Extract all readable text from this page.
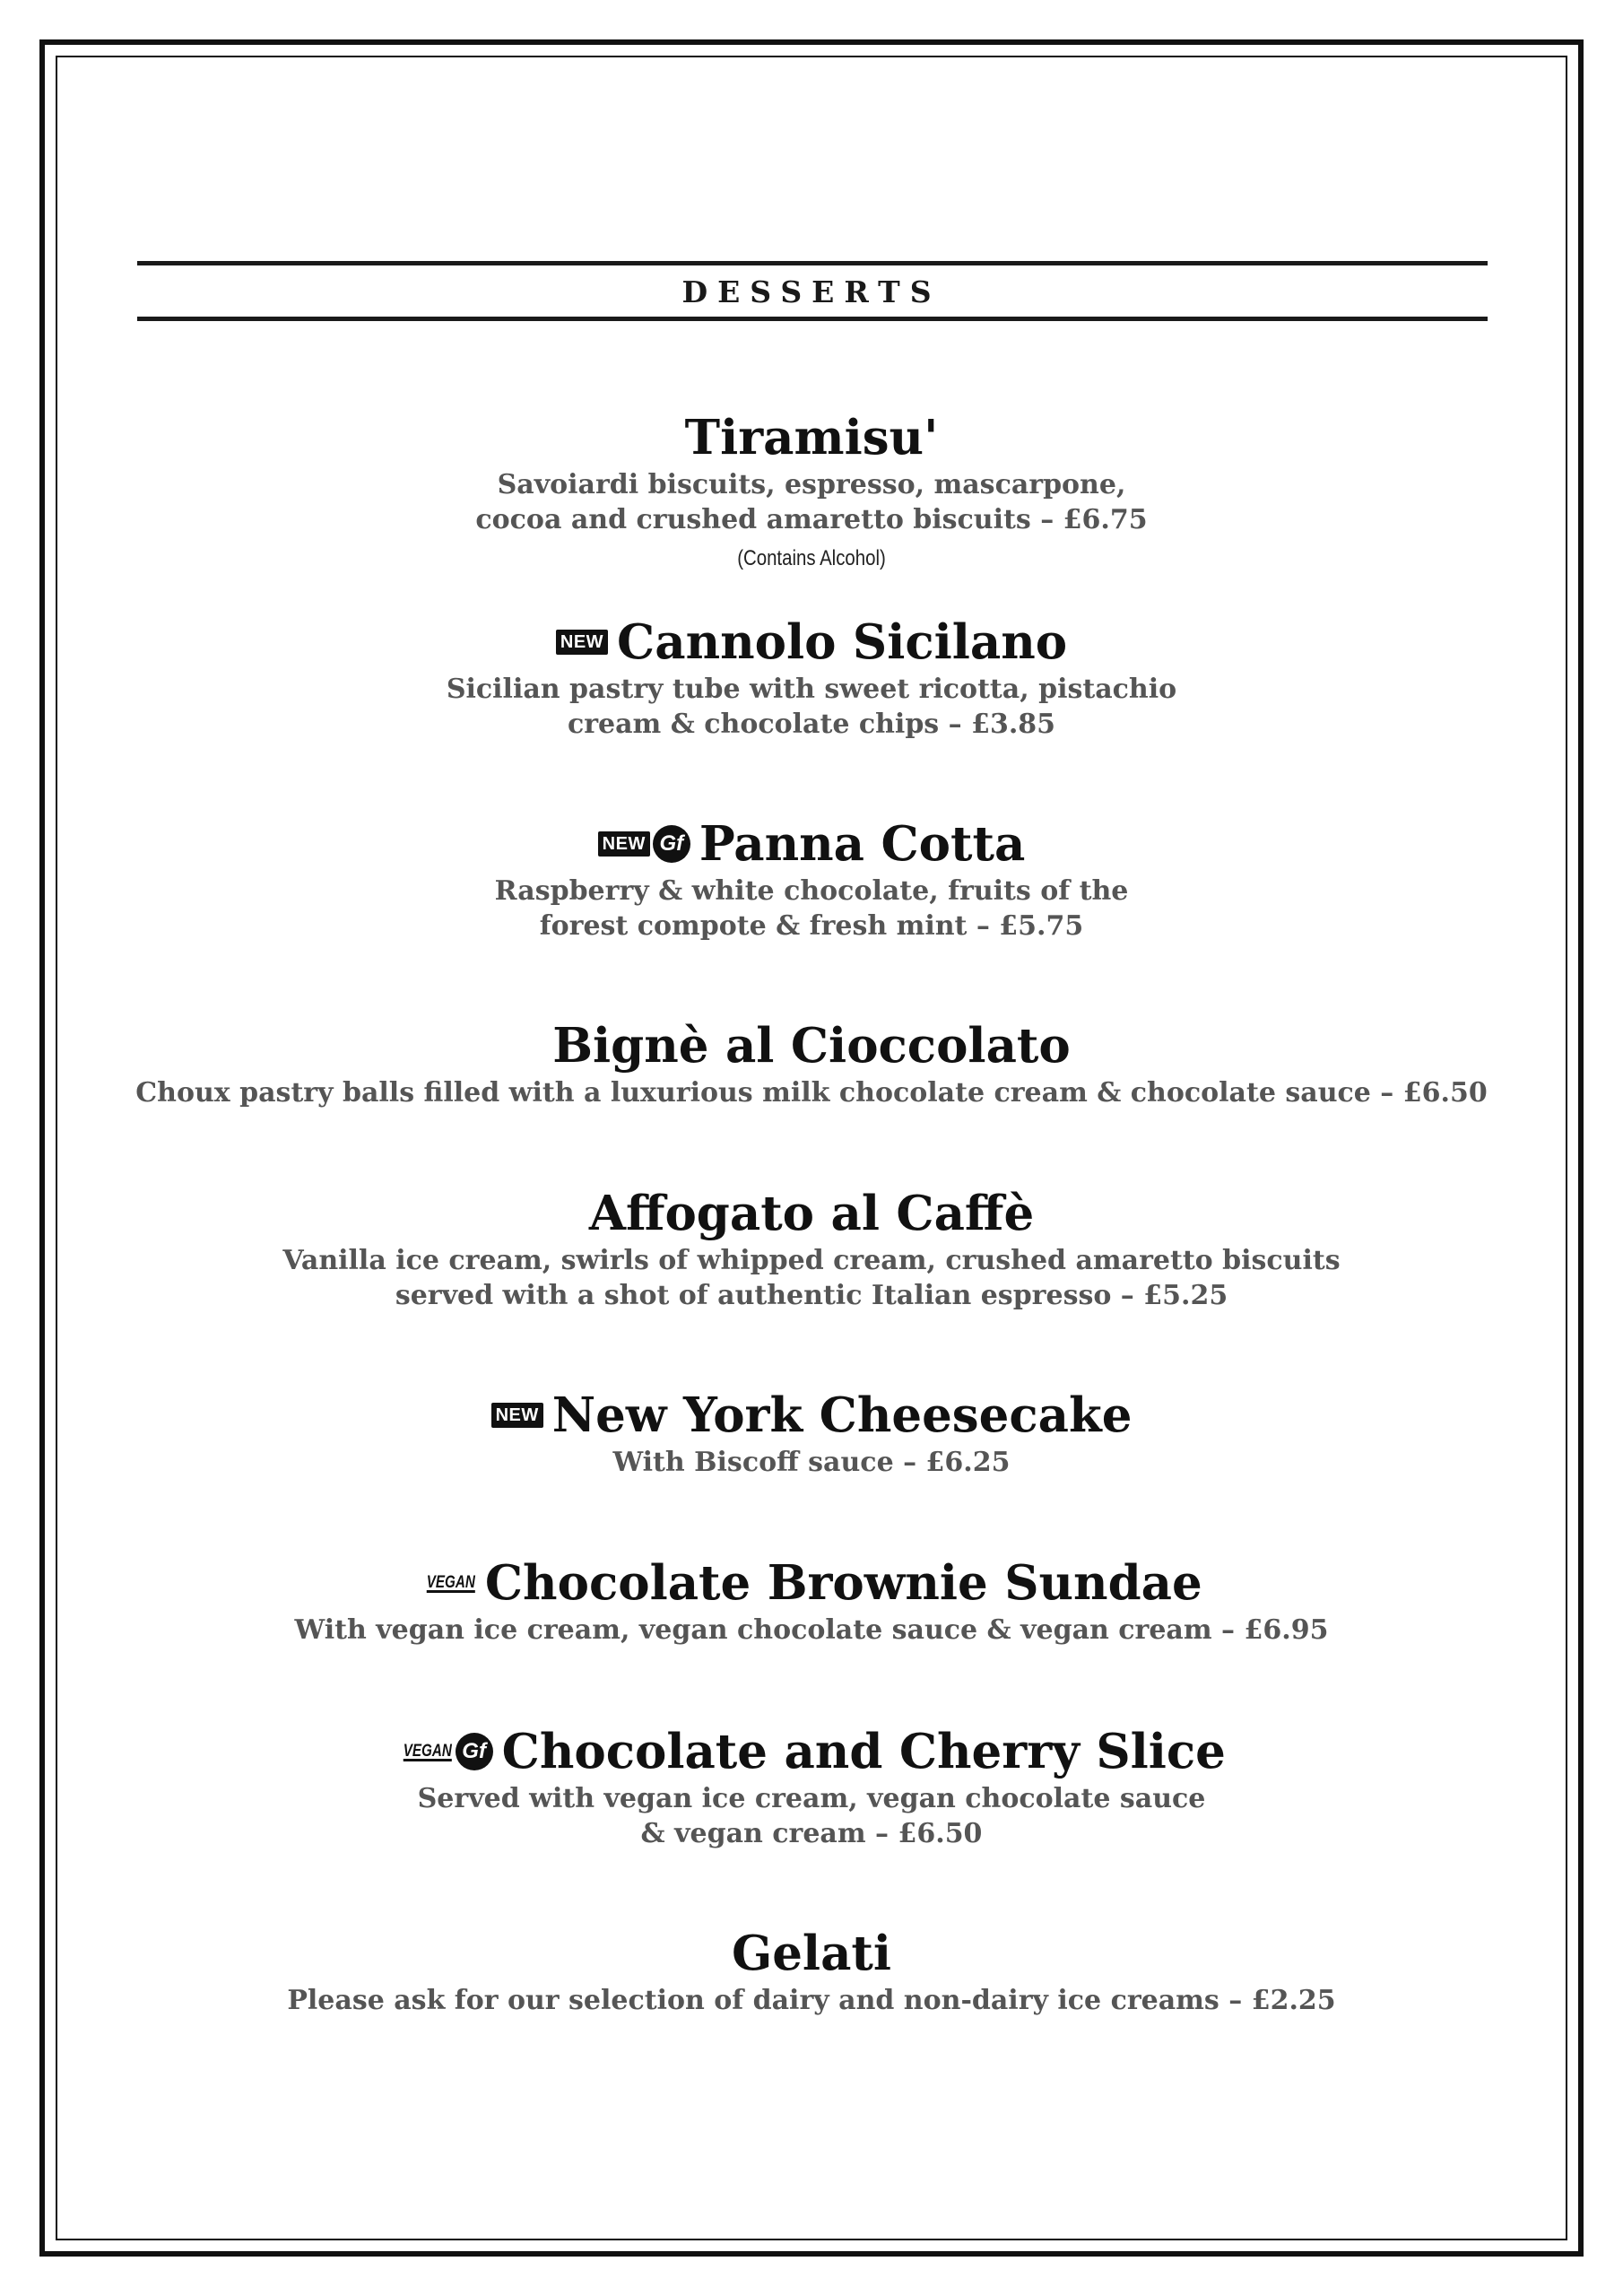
DESSERTS
Tiramisu'
Savoiardi biscuits, espresso, mascarpone,
cocoa and crushed amaretto biscuits – £6.75
(Contains Alcohol)
NEW Cannolo Sicilano
Sicilian pastry tube with sweet ricotta, pistachio
cream & chocolate chips – £3.85
NEW Gf Panna Cotta
Raspberry & white chocolate, fruits of the
forest compote & fresh mint – £5.75
Bignè al Cioccolato
Choux pastry balls filled with a luxurious milk chocolate cream & chocolate sauce – £6.50
Affogato al Caffè
Vanilla ice cream, swirls of whipped cream, crushed amaretto biscuits
served with a shot of authentic Italian espresso – £5.25
NEW New York Cheesecake
With Biscoff sauce – £6.25
VEGAN Chocolate Brownie Sundae
With vegan ice cream, vegan chocolate sauce & vegan cream – £6.95
VEGAN Gf Chocolate and Cherry Slice
Served with vegan ice cream, vegan chocolate sauce
& vegan cream – £6.50
Gelati
Please ask for our selection of dairy and non-dairy ice creams – £2.25
